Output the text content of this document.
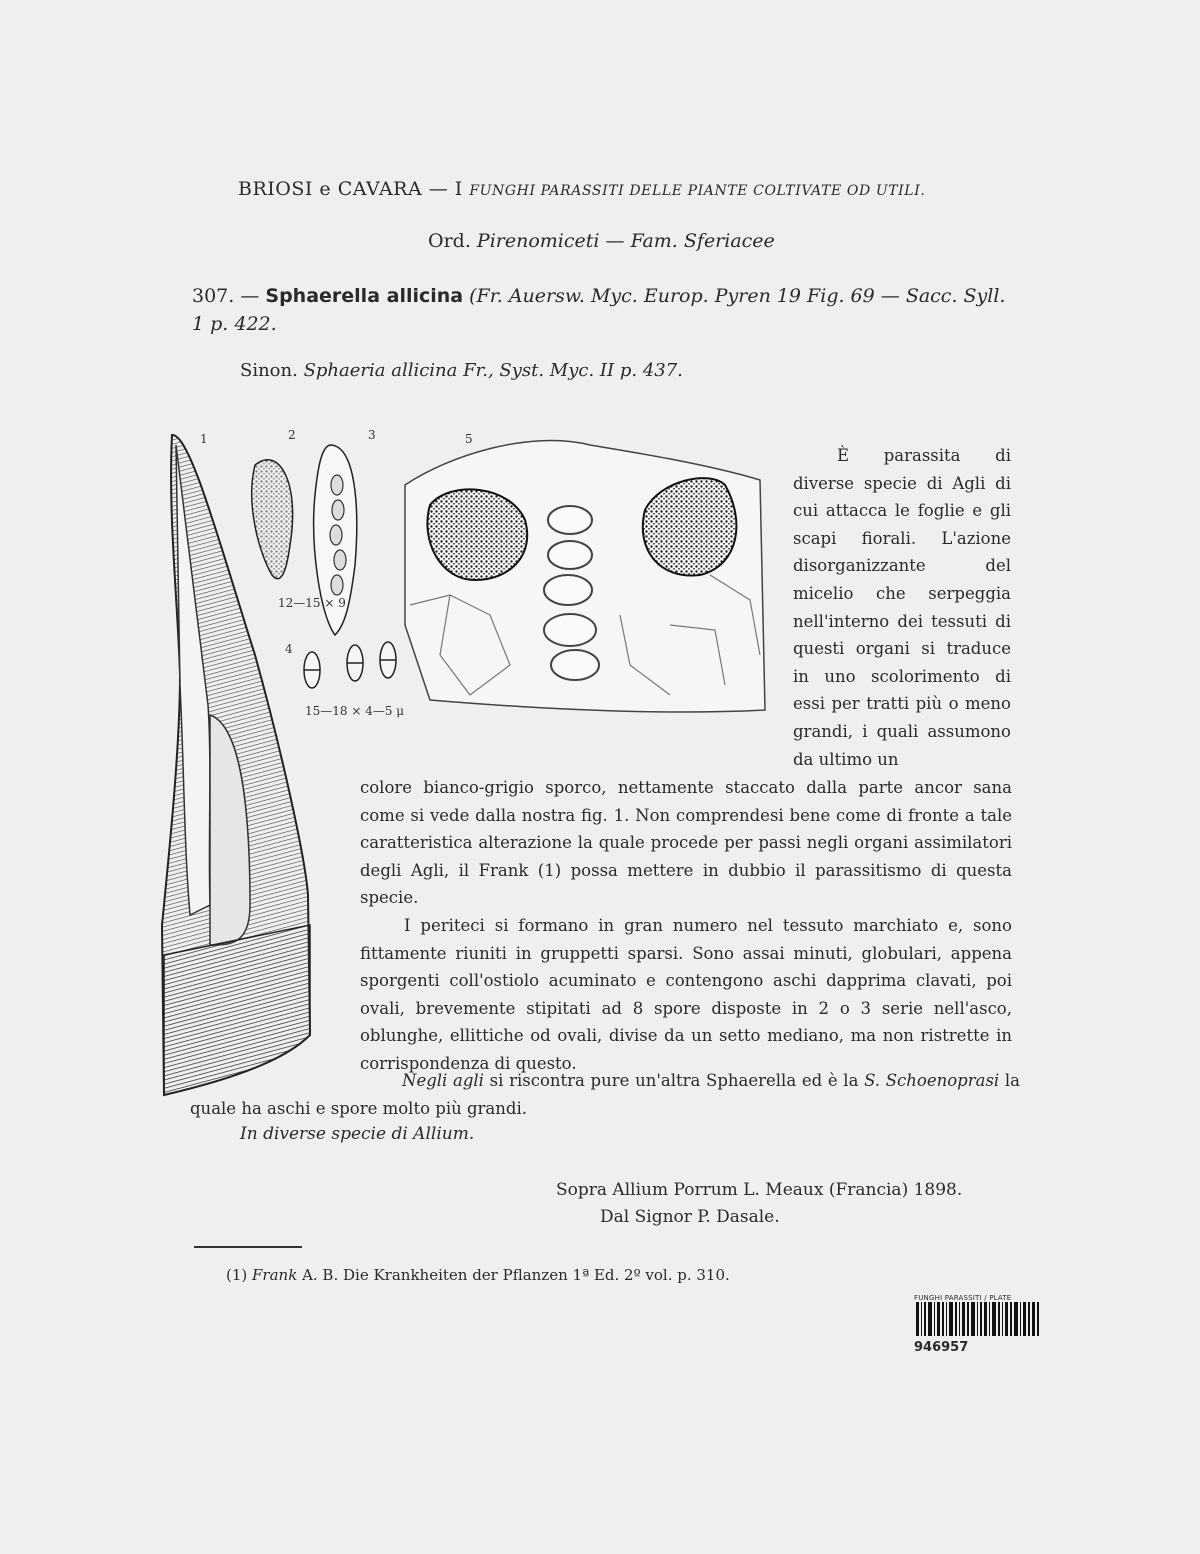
BRIOSI e CAVARA — I FUNGHI PARASSITI DELLE PIANTE COLTIVATE OD UTILI.
Ord. Pirenomiceti — Fam. Sferiacee
307. — Sphaerella allicina (Fr. Auersw. Myc. Europ. Pyren 19 Fig. 69 — Sacc. Syll. 1 p. 422.
Sinon. Sphaeria allicina Fr., Syst. Myc. II p. 437.
1	2	3
4
5
12—15 × 9
15—18 × 4—5 μ

È parassita di diverse specie di Agli di cui attacca le foglie e gli scapi fiorali. L'azione disorganizzante del micelio che serpeggia nell'interno dei tessuti di questi organi si traduce in uno scolorimento di essi per tratti più o meno grandi, i quali assumono da ultimo un

colore bianco-grigio sporco, nettamente staccato dalla parte ancor sana come si vede dalla nostra fig. 1. Non comprendesi bene come di fronte a tale caratteristica alterazione la quale procede per passi negli organi assimilatori degli Agli, il Frank (1) possa mettere in dubbio il parassitismo di questa specie.

I periteci si formano in gran numero nel tessuto marchiato e, sono fittamente riuniti in gruppetti sparsi. Sono assai minuti, globulari, appena sporgenti coll'ostiolo acuminato e contengono aschi dapprima clavati, poi ovali, brevemente stipitati ad 8 spore disposte in 2 o 3 serie nell'asco, oblunghe, ellittiche od ovali, divise da un setto mediano, ma non ristrette in corrispondenza di questo.

Negli agli si riscontra pure un'altra Sphaerella ed è la S. Schoenoprasi la quale ha aschi e spore molto più grandi.
In diverse specie di Allium.
Sopra Allium Porrum L. Meaux (Francia) 1898.
Dal Signor P. Dasale.
(1) Frank A. B. Die Krankheiten der Pflanzen 1ª Ed. 2º vol. p. 310.
FUNGHI PARASSITI / PLATE
946957
